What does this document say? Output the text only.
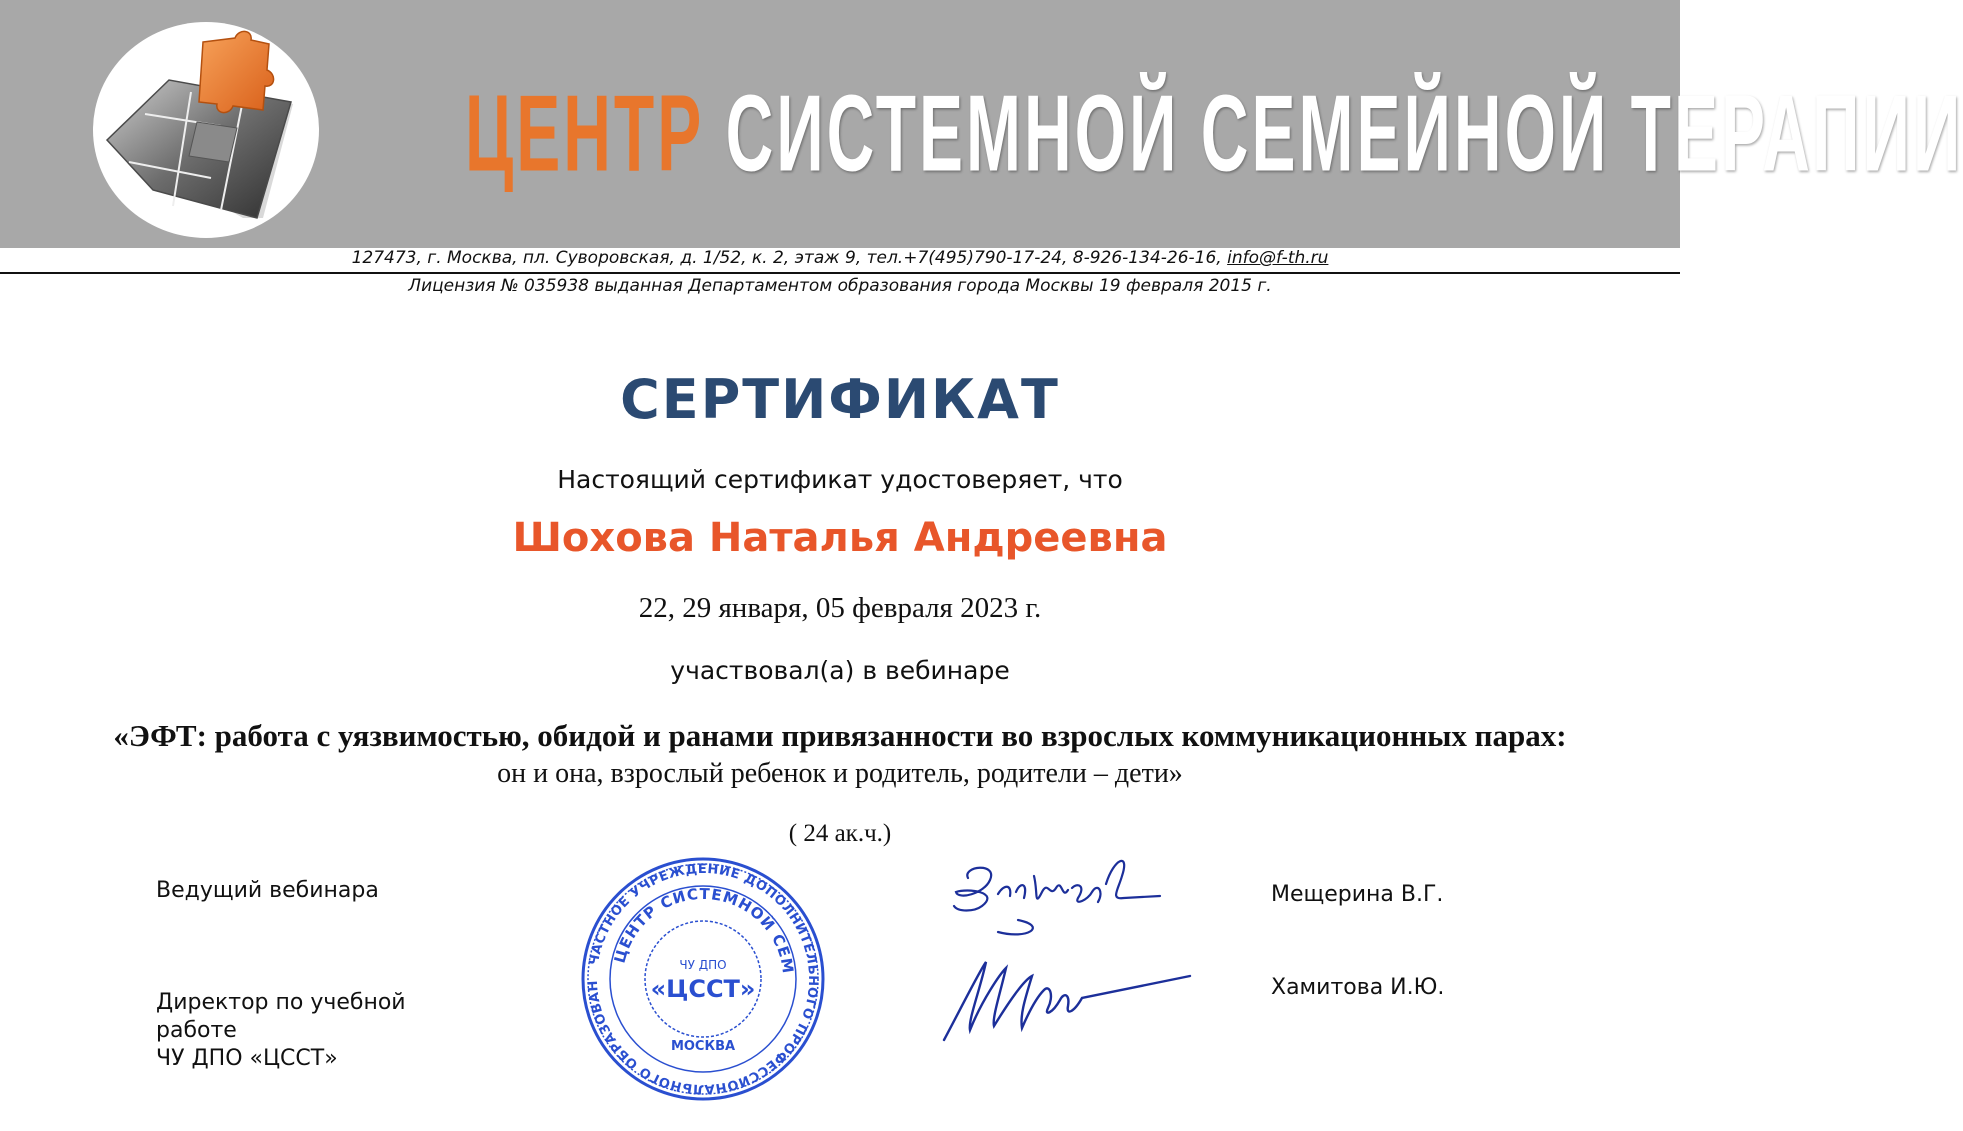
ЦЕНТР СИСТЕМНОЙ СЕМЕЙНОЙ ТЕРАПИИ
127473, г. Москва, пл. Суворовская, д. 1/52, к. 2, этаж 9, тел.+7(495)790-17-24, 8-926-134-26-16, info@f-th.ru
Лицензия № 035938 выданная Департаментом образования города Москвы 19 февраля 2015 г.
СЕРТИФИКАТ
Настоящий сертификат удостоверяет, что
Шохова Наталья Андреевна
22, 29 января, 05 февраля 2023 г.
участвовал(а) в вебинаре
«ЭФТ: работа с уязвимостью, обидой и ранами привязанности во взрослых коммуникационных парах:
он и она, взрослый ребенок и родитель, родители – дети»
( 24 ак.ч.)
Ведущий вебинара
Директор по учебной
работе
ЧУ ДПО «ЦССТ»
Мещерина В.Г.
Хамитова И.Ю.
ЧАСТНОЕ УЧРЕЖДЕНИЕ ДОПОЛНИТЕЛЬНОГО ПРОФЕССИОНАЛЬНОГО ОБРАЗОВАН
ЦЕНТР СИСТЕМНОЙ СЕМ
ЧУ ДПО
«ЦССТ»
МОСКВА
